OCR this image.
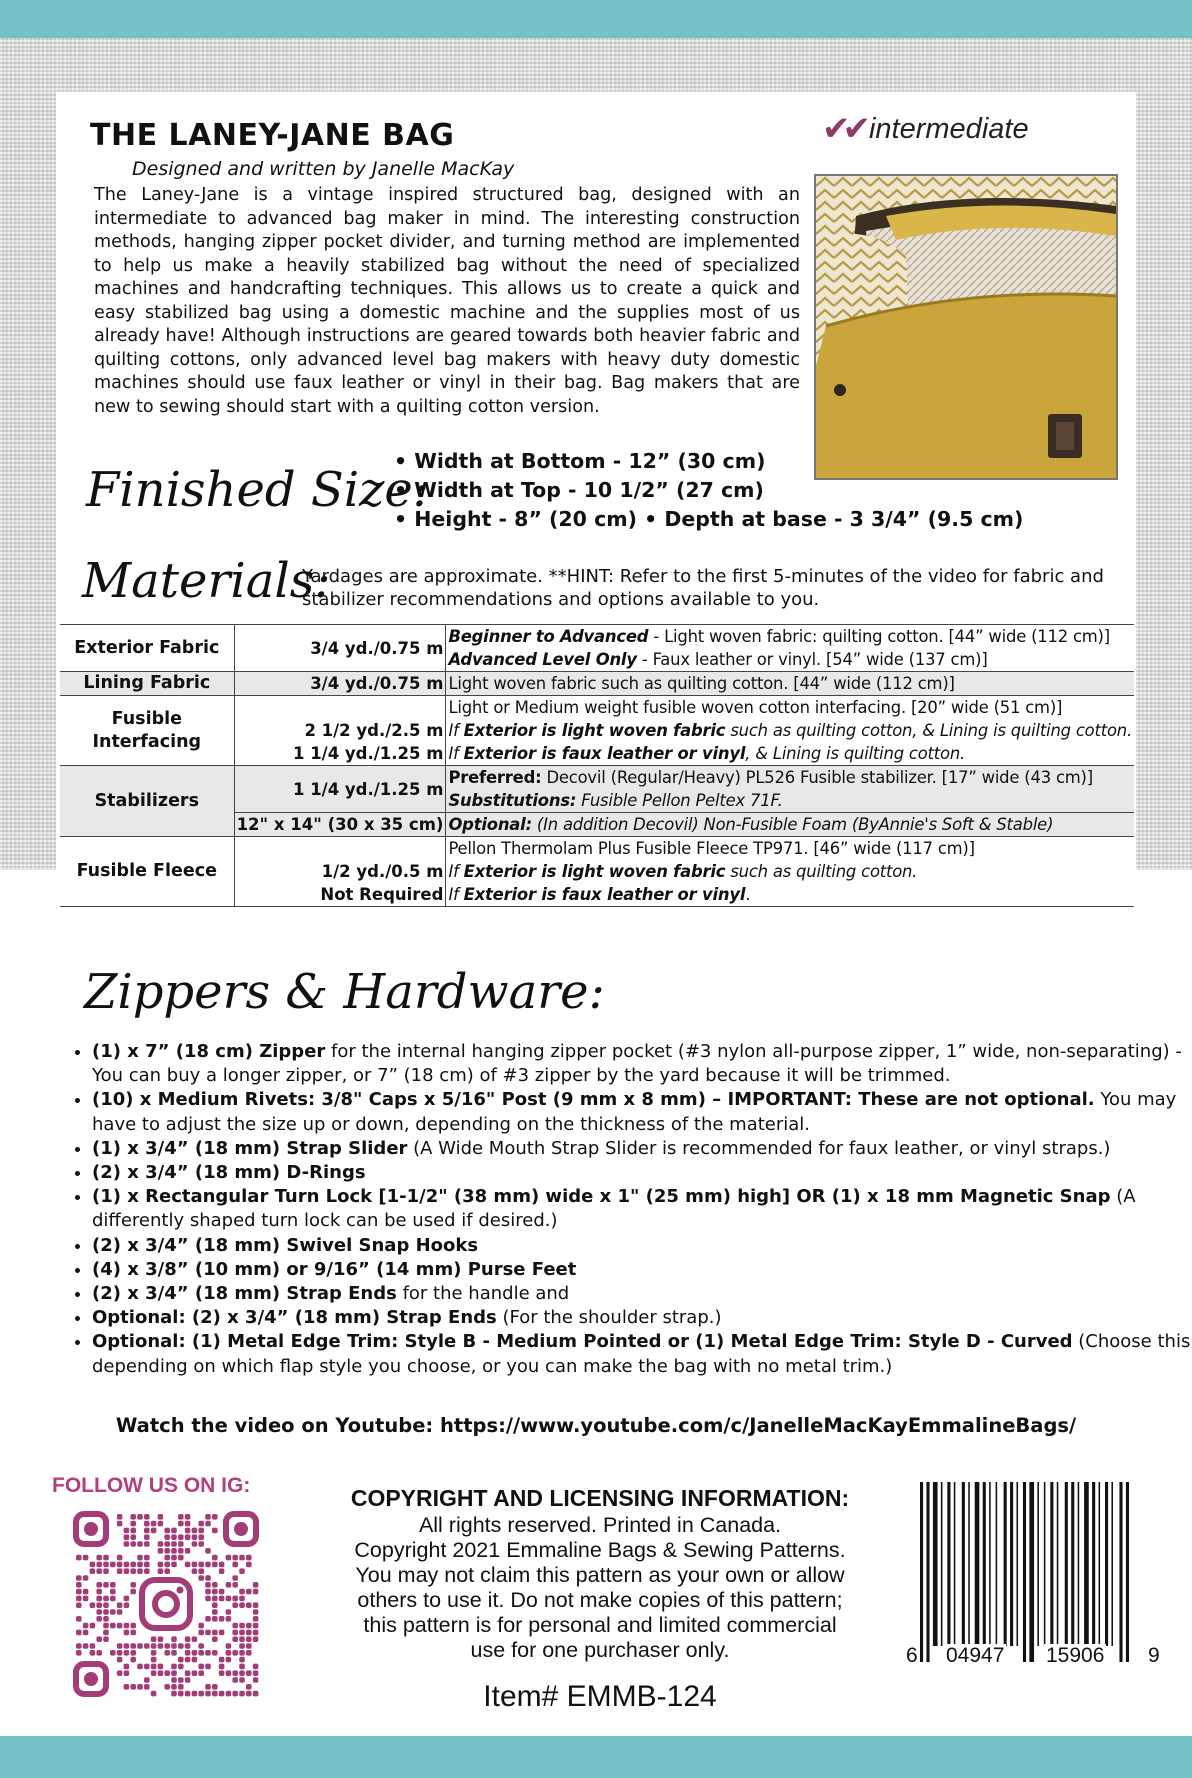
THE LANEY-JANE BAG
Designed and written by Janelle MacKay
✔✔ intermediate
The Laney-Jane is a vintage inspired structured bag, designed with an intermediate to advanced bag maker in mind. The interesting construction methods, hanging zipper pocket divider, and turning method are implemented to help us make a heavily stabilized bag without the need of specialized machines and handcrafting techniques. This allows us to create a quick and easy stabilized bag using a domestic machine and the supplies most of us already have! Although instructions are geared towards both heavier fabric and quilting cottons, only advanced level bag makers with heavy duty domestic machines should use faux leather or vinyl in their bag. Bag makers that are new to sewing should start with a quilting cotton version.
Finished Size:
• Width at Bottom - 12” (30 cm)
• Width at Top - 10 1/2” (27 cm)
• Height - 8” (20 cm) • Depth at base - 3 3/4” (9.5 cm)
Materials:
Yardages are approximate. **HINT: Refer to the first 5-minutes of the video for fabric and stabilizer recommendations and options available to you.
Exterior Fabric	3/4 yd./0.75 m	Beginner to Advanced - Light woven fabric: quilting cotton. [44” wide (112 cm)]
		Advanced Level Only - Faux leather or vinyl. [54” wide (137 cm)]
Lining Fabric	3/4 yd./0.75 m	Light woven fabric such as quilting cotton. [44” wide (112 cm)]
Fusible Interfacing		Light or Medium weight fusible woven cotton interfacing. [20” wide (51 cm)]
	2 1/2 yd./2.5 m	If Exterior is light woven fabric such as quilting cotton, & Lining is quilting cotton.
	1 1/4 yd./1.25 m	If Exterior is faux leather or vinyl, & Lining is quilting cotton.
Stabilizers	1 1/4 yd./1.25 m	Preferred: Decovil (Regular/Heavy) PL526 Fusible stabilizer. [17” wide (43 cm)]
		Substitutions: Fusible Pellon Peltex 71F.
	12" x 14" (30 x 35 cm)	Optional: (In addition Decovil) Non-Fusible Foam (ByAnnie's Soft & Stable)
Fusible Fleece		Pellon Thermolam Plus Fusible Fleece TP971. [46” wide (117 cm)]
	1/2 yd./0.5 m	If Exterior is light woven fabric such as quilting cotton.
	Not Required	If Exterior is faux leather or vinyl.
Zippers & Hardware:
• (1) x 7” (18 cm) Zipper for the internal hanging zipper pocket (#3 nylon all-purpose zipper, 1” wide, non-separating) - You can buy a longer zipper, or 7” (18 cm) of #3 zipper by the yard because it will be trimmed.
• (10) x Medium Rivets: 3/8" Caps x 5/16" Post (9 mm x 8 mm) – IMPORTANT: These are not optional. You may have to adjust the size up or down, depending on the thickness of the material.
• (1) x 3/4” (18 mm) Strap Slider (A Wide Mouth Strap Slider is recommended for faux leather, or vinyl straps.)
• (2) x 3/4” (18 mm) D-Rings
• (1) x Rectangular Turn Lock [1-1/2" (38 mm) wide x 1" (25 mm) high] OR (1) x 18 mm Magnetic Snap (A differently shaped turn lock can be used if desired.)
• (2) x 3/4” (18 mm) Swivel Snap Hooks
• (4) x 3/8” (10 mm) or 9/16” (14 mm) Purse Feet
• (2) x 3/4” (18 mm) Strap Ends for the handle and
• Optional: (2) x 3/4” (18 mm) Strap Ends (For the shoulder strap.)
• Optional: (1) Metal Edge Trim: Style B - Medium Pointed or (1) Metal Edge Trim: Style D - Curved (Choose this depending on which flap style you choose, or you can make the bag with no metal trim.)
Watch the video on Youtube: https://www.youtube.com/c/JanelleMacKayEmmalineBags/
FOLLOW US ON IG:	COPYRIGHT AND LICENSING INFORMATION:
All rights reserved. Printed in Canada.
Copyright 2021 Emmaline Bags & Sewing Patterns.
You may not claim this pattern as your own or allow
others to use it. Do not make copies of this pattern;
this pattern is for personal and limited commercial
use for one purchaser only.
Item# EMMB-124
6 04947 15906 9
